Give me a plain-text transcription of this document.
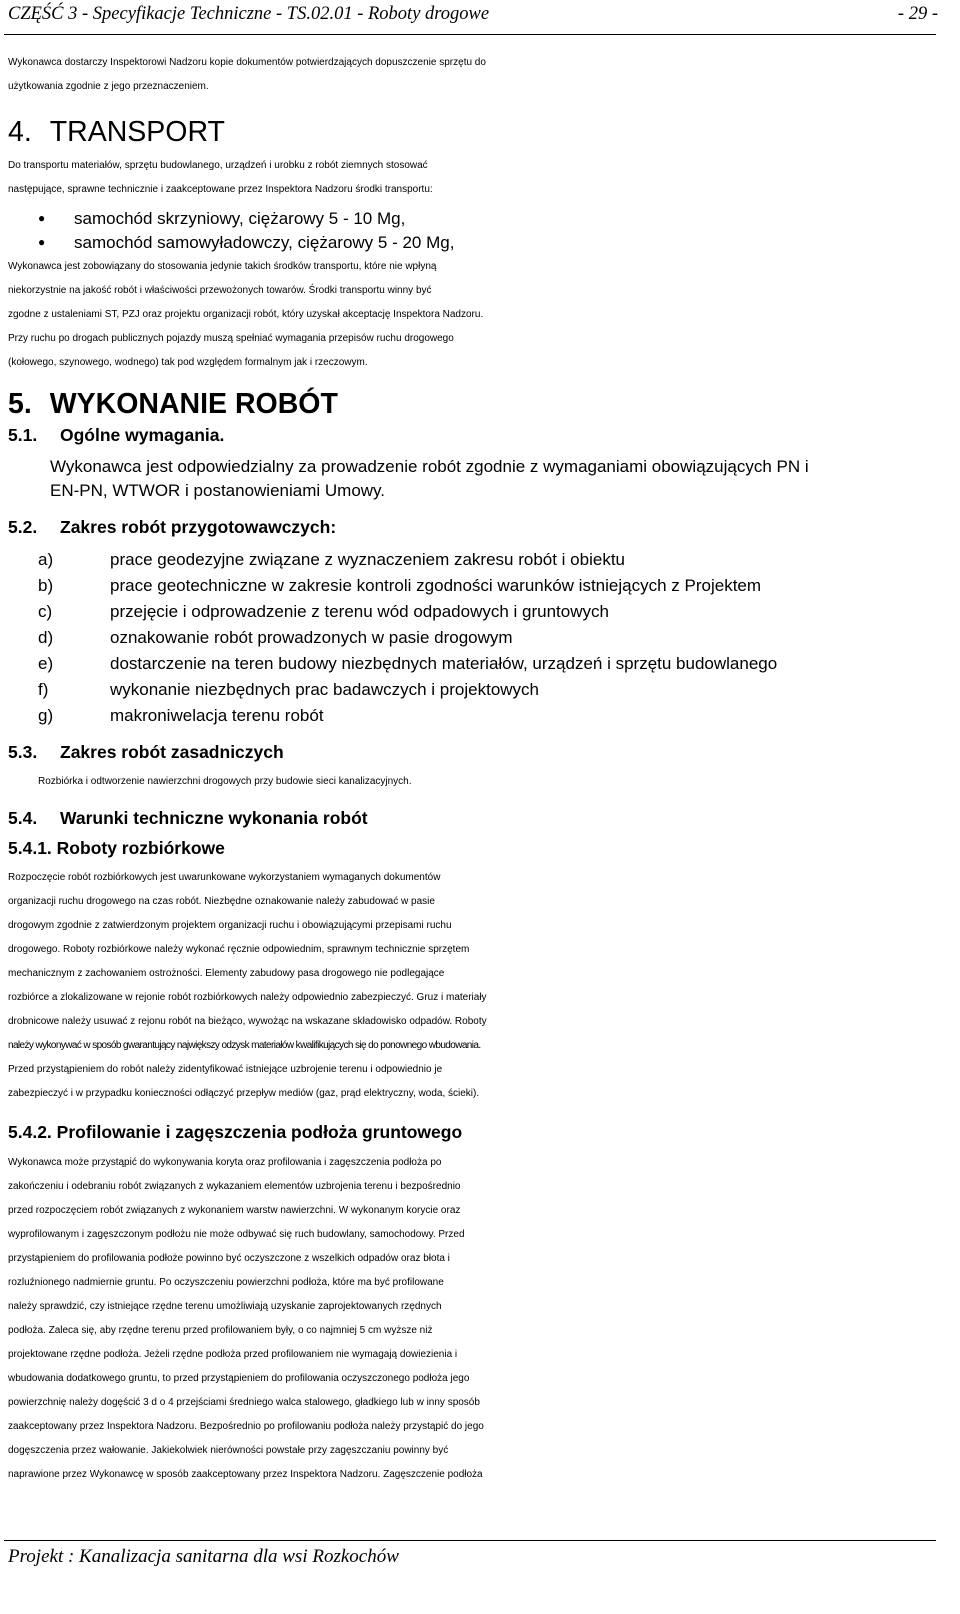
CZĘŚĆ 3 - Specyfikacje Techniczne - TS.02.01 - Roboty drogowe	- 29 -
Wykonawca dostarczy Inspektorowi Nadzoru kopie dokumentów potwierdzających dopuszczenie sprzętu do
użytkowania zgodnie z jego przeznaczeniem.
4. TRANSPORT
Do transportu materiałów, sprzętu budowlanego, urządzeń i urobku z robót ziemnych stosować
następujące, sprawne technicznie i zaakceptowane przez Inspektora Nadzoru środki transportu:
● samochód skrzyniowy, ciężarowy 5 - 10 Mg,
● samochód samowyładowczy, ciężarowy 5 - 20 Mg,
Wykonawca jest zobowiązany do stosowania jedynie takich środków transportu, które nie wpłyną
niekorzystnie na jakość robót i właściwości przewożonych towarów. Środki transportu winny być
zgodne z ustaleniami ST, PZJ oraz projektu organizacji robót, który uzyskał akceptację Inspektora Nadzoru.
Przy ruchu po drogach publicznych pojazdy muszą spełniać wymagania przepisów ruchu drogowego
(kołowego, szynowego, wodnego) tak pod względem formalnym jak i rzeczowym.
5. WYKONANIE ROBÓT
5.1. Ogólne wymagania.
Wykonawca jest odpowiedzialny za prowadzenie robót zgodnie z wymaganiami obowiązujących PN i
EN-PN, WTWOR i postanowieniami Umowy.
5.2. Zakres robót przygotowawczych:
a)	prace geodezyjne związane z wyznaczeniem zakresu robót i obiektu
b)	prace geotechniczne w zakresie kontroli zgodności warunków istniejących z Projektem
c)	przejęcie i odprowadzenie z terenu wód odpadowych i gruntowych
d)	oznakowanie robót prowadzonych w pasie drogowym
e)	dostarczenie na teren budowy niezbędnych materiałów, urządzeń i sprzętu budowlanego
f)	wykonanie niezbędnych prac badawczych i projektowych
g)	makroniwelacja terenu robót
5.3. Zakres robót zasadniczych
Rozbiórka i odtworzenie nawierzchni drogowych przy budowie sieci kanalizacyjnych.
5.4. Warunki techniczne wykonania robót
5.4.1. Roboty rozbiórkowe
Rozpoczęcie robót rozbiórkowych jest uwarunkowane wykorzystaniem wymaganych dokumentów
organizacji ruchu drogowego na czas robót. Niezbędne oznakowanie należy zabudować w pasie
drogowym zgodnie z zatwierdzonym projektem organizacji ruchu i obowiązującymi przepisami ruchu
drogowego. Roboty rozbiórkowe należy wykonać ręcznie odpowiednim, sprawnym technicznie sprzętem
mechanicznym z zachowaniem ostrożności. Elementy zabudowy pasa drogowego nie podlegające
rozbiórce a zlokalizowane w rejonie robót rozbiórkowych należy odpowiednio zabezpieczyć. Gruz i materiały
drobnicowe należy usuwać z rejonu robót na bieżąco, wywożąc na wskazane składowisko odpadów. Roboty
należy wykonywać w sposób gwarantujący największy odzysk materiałów kwalifikujących się do ponownego wbudowania.
Przed przystąpieniem do robót należy zidentyfikować istniejące uzbrojenie terenu i odpowiednio je
zabezpieczyć i w przypadku konieczności odłączyć przepływ mediów (gaz, prąd elektryczny, woda, ścieki).
5.4.2. Profilowanie i zagęszczenia podłoża gruntowego
Wykonawca może przystąpić do wykonywania koryta oraz profilowania i zagęszczenia podłoża po
zakończeniu i odebraniu robót związanych z wykazaniem elementów uzbrojenia terenu i bezpośrednio
przed rozpoczęciem robót związanych z wykonaniem warstw nawierzchni. W wykonanym korycie oraz
wyprofilowanym i zagęszczonym podłożu nie może odbywać się ruch budowlany, samochodowy. Przed
przystąpieniem do profilowania podłoże powinno być oczyszczone z wszelkich odpadów oraz błota i
rozluźnionego nadmiernie gruntu. Po oczyszczeniu powierzchni podłoża, które ma być profilowane
należy sprawdzić, czy istniejące rzędne terenu umożliwiają uzyskanie zaprojektowanych rzędnych
podłoża. Zaleca się, aby rzędne terenu przed profilowaniem były, o co najmniej 5 cm wyższe niż
projektowane rzędne podłoża. Jeżeli rzędne podłoża przed profilowaniem nie wymagają dowiezienia i
wbudowania dodatkowego gruntu, to przed przystąpieniem do profilowania oczyszczonego podłoża jego
powierzchnię należy dogęścić 3 d o 4 przejściami średniego walca stalowego, gładkiego lub w inny sposób
zaakceptowany przez Inspektora Nadzoru. Bezpośrednio po profilowaniu podłoża należy przystąpić do jego
dogęszczenia przez wałowanie. Jakiekolwiek nierówności powstałe przy zagęszczaniu powinny być
naprawione przez Wykonawcę w sposób zaakceptowany przez Inspektora Nadzoru. Zagęszczenie podłoża
Projekt : Kanalizacja sanitarna dla wsi Rozkochów
